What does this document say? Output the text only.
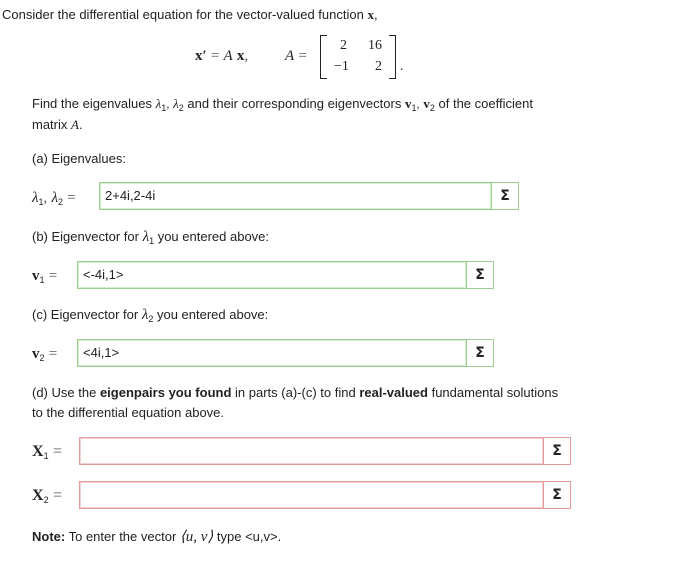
Consider the differential equation for the vector-valued function x,
x′ = A x, A =
2 16
−1 2 .
Find the eigenvalues $\lambda_1$, $\lambda_2$ and their corresponding eigenvectors $v_1$, $v_2$ of the coefficient
matrix A.
(a) Eigenvalues:
$\lambda_1$, $\lambda_2$ =	2+4i,2-4i	Σ
(b) Eigenvector for $\lambda_1$ you entered above:
$v_1$ =	<-4i,1>	Σ
(c) Eigenvector for $\lambda_2$ you entered above:
$v_2$ =	<4i,1>	Σ
(d) Use the eigenpairs you found in parts (a)-(c) to find real-valued fundamental solutions
to the differential equation above.
$X_1$ =	Σ
$X_2$ =	Σ
Note: To enter the vector ⟨u, v⟩ type <u,v>.
